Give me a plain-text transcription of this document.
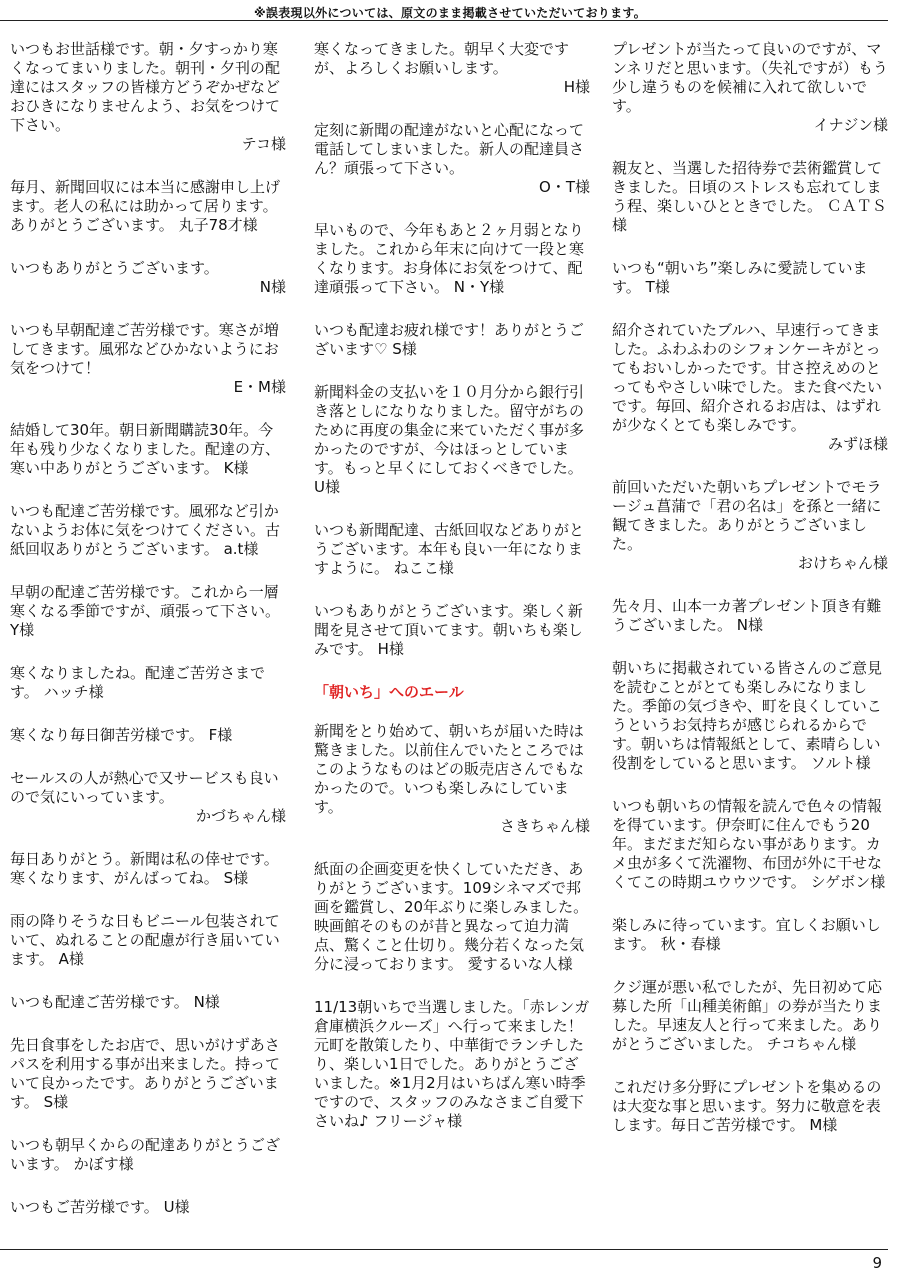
※誤表現以外については、原文のまま掲載させていただいております。
いつもお世話様です。朝・夕すっかり寒くなってまいりました。朝刊・夕刊の配達にはスタッフの皆様方どうぞかぜなどおひきになりませんよう、お気をつけて下さい。
テコ様
毎月、新聞回収には本当に感謝申し上げます。老人の私には助かって居ります。ありがとうございます。 丸子78才様
いつもありがとうございます。
N様
いつも早朝配達ご苦労様です。寒さが増してきます。風邪などひかないようにお気をつけて！
E・M様
結婚して30年。朝日新聞購読30年。今年も残り少なくなりました。配達の方、寒い中ありがとうございます。 K様
いつも配達ご苦労様です。風邪など引かないようお体に気をつけてください。古紙回収ありがとうございます。 a.t様
早朝の配達ご苦労様です。これから一層寒くなる季節ですが、頑張って下さい。 Y様
寒くなりましたね。配達ご苦労さまです。 ハッチ様
寒くなり毎日御苦労様です。 F様
セールスの人が熱心で又サービスも良いので気にいっています。
かづちゃん様
毎日ありがとう。新聞は私の倖せです。寒くなります、がんばってね。 S様
雨の降りそうな日もビニール包装されていて、ぬれることの配慮が行き届いています。 A様
いつも配達ご苦労様です。 N様
先日食事をしたお店で、思いがけずあさパスを利用する事が出来ました。持っていて良かったです。ありがとうございます。 S様
いつも朝早くからの配達ありがとうございます。 かぼす様
いつもご苦労様です。 U様
寒くなってきました。朝早く大変ですが、よろしくお願いします。
H様
定刻に新聞の配達がないと心配になって電話してしまいました。新人の配達員さん？頑張って下さい。
O・T様
早いもので、今年もあと２ヶ月弱となりました。これから年末に向けて一段と寒くなります。お身体にお気をつけて、配達頑張って下さい。 N・Y様
いつも配達お疲れ様です！ありがとうございます♡ S様
新聞料金の支払いを１０月分から銀行引き落としになりなりました。留守がちのために再度の集金に来ていただく事が多かったのですが、今はほっとしています。もっと早くにしておくべきでした。 U様
いつも新聞配達、古紙回収などありがとうございます。本年も良い一年になりますように。 ねここ様
いつもありがとうございます。楽しく新聞を見させて頂いてます。朝いちも楽しみです。 H様
「朝いち」へのエール
新聞をとり始めて、朝いちが届いた時は驚きました。以前住んでいたところではこのようなものはどの販売店さんでもなかったので。いつも楽しみにしています。
さきちゃん様
紙面の企画変更を快くしていただき、ありがとうございます。109シネマズで邦画を鑑賞し、20年ぶりに楽しみました。映画館そのものが昔と異なって迫力満点、驚くこと仕切り。幾分若くなった気分に浸っております。 愛するいな人様
11/13朝いちで当選しました。「赤レンガ倉庫横浜クルーズ」へ行って来ました！元町を散策したり、中華街でランチしたり、楽しい1日でした。ありがとうございました。※1月2月はいちばん寒い時季ですので、スタッフのみなさまご自愛下さいね♪ フリージャ様
プレゼントが当たって良いのですが、マンネリだと思います。（失礼ですが）もう少し違うものを候補に入れて欲しいです。
イナジン様
親友と、当選した招待券で芸術鑑賞してきました。日頃のストレスも忘れてしまう程、楽しいひとときでした。 ＣＡＴＳ様
いつも“朝いち”楽しみに愛読しています。 T様
紹介されていたブルハ、早速行ってきました。ふわふわのシフォンケーキがとってもおいしかったです。甘さ控えめのとってもやさしい味でした。また食べたいです。毎回、紹介されるお店は、はずれが少なくとても楽しみです。
みずほ様
前回いただいた朝いちプレゼントでモラージュ菖蒲で「君の名は」を孫と一緒に観てきました。ありがとうございました。
おけちゃん様
先々月、山本一カ著プレゼント頂き有難うございました。 N様
朝いちに掲載されている皆さんのご意見を読むことがとても楽しみになりました。季節の気づきや、町を良くしていこうというお気持ちが感じられるからです。朝いちは情報紙として、素晴らしい役割をしていると思います。 ソルト様
いつも朝いちの情報を読んで色々の情報を得ています。伊奈町に住んでもう20年。まだまだ知らない事があります。カメ虫が多くて洗濯物、布団が外に干せなくてこの時期ユウウツです。 シゲボン様
楽しみに待っています。宜しくお願いします。 秋・春様
クジ運が悪い私でしたが、先日初めて応募した所「山種美術館」の券が当たりました。早速友人と行って来ました。ありがとうございました。 チコちゃん様
これだけ多分野にプレゼントを集めるのは大変な事と思います。努力に敬意を表します。毎日ご苦労様です。 M様
9
